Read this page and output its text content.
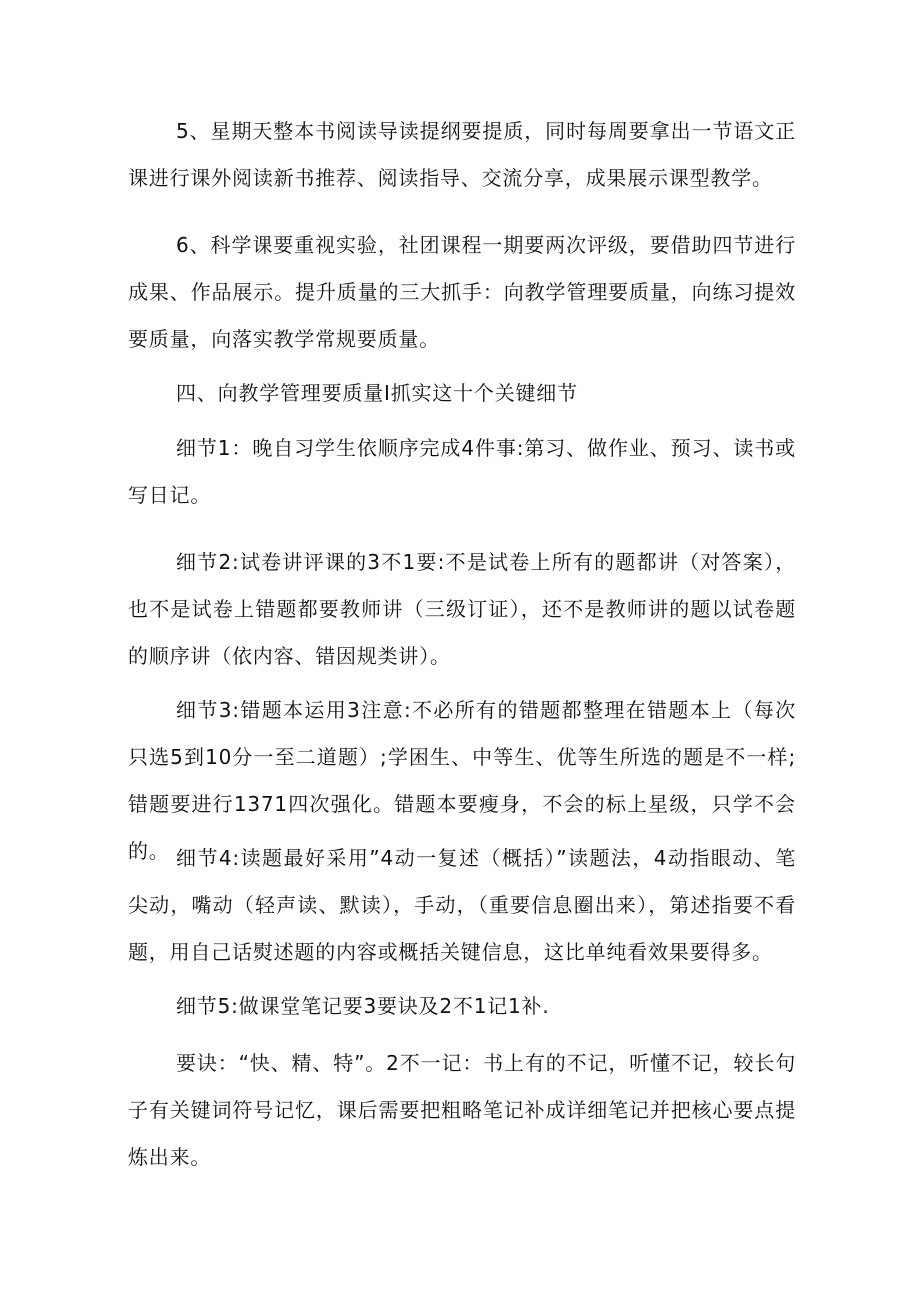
5、星期天整本书阅读导读提纲要提质，同时每周要拿出一节语文正课进行课外阅读新书推荐、阅读指导、交流分享，成果展示课型教学。

6、科学课要重视实验，社团课程一期要两次评级，要借助四节进行成果、作品展示。提升质量的三大抓手：向教学管理要质量，向练习提效要质量，向落实教学常规要质量。

四、向教学管理要质量I抓实这十个关键细节

细节1：晚自习学生依顺序完成4件事:第习、做作业、预习、读书或写日记。

细节2:试卷讲评课的3不1要:不是试卷上所有的题都讲（对答案），也不是试卷上错题都要教师讲（三级订证），还不是教师讲的题以试卷题的顺序讲（依内容、错因规类讲）。

细节3:错题本运用3注意:不必所有的错题都整理在错题本上（每次只选5到10分一至二道题）;学困生、中等生、优等生所选的题是不一样;错题要进行1371四次强化。错题本要瘦身，不会的标上星级，只学不会的。 细节4:读题最好采用”4动一复述（概括）”读题法，4动指眼动、笔尖动，嘴动（轻声读、默读），手动，（重要信息圈出来），第述指要不看题，用自己话熨述题的内容或概括关键信息，这比单纯看效果要得多。

细节5:做课堂笔记要3要诀及2不1记1补.

要诀：“快、精、特”。2不一记：书上有的不记，听懂不记，较长句子有关键词符号记忆，课后需要把粗略笔记补成详细笔记并把核心要点提炼出来。
